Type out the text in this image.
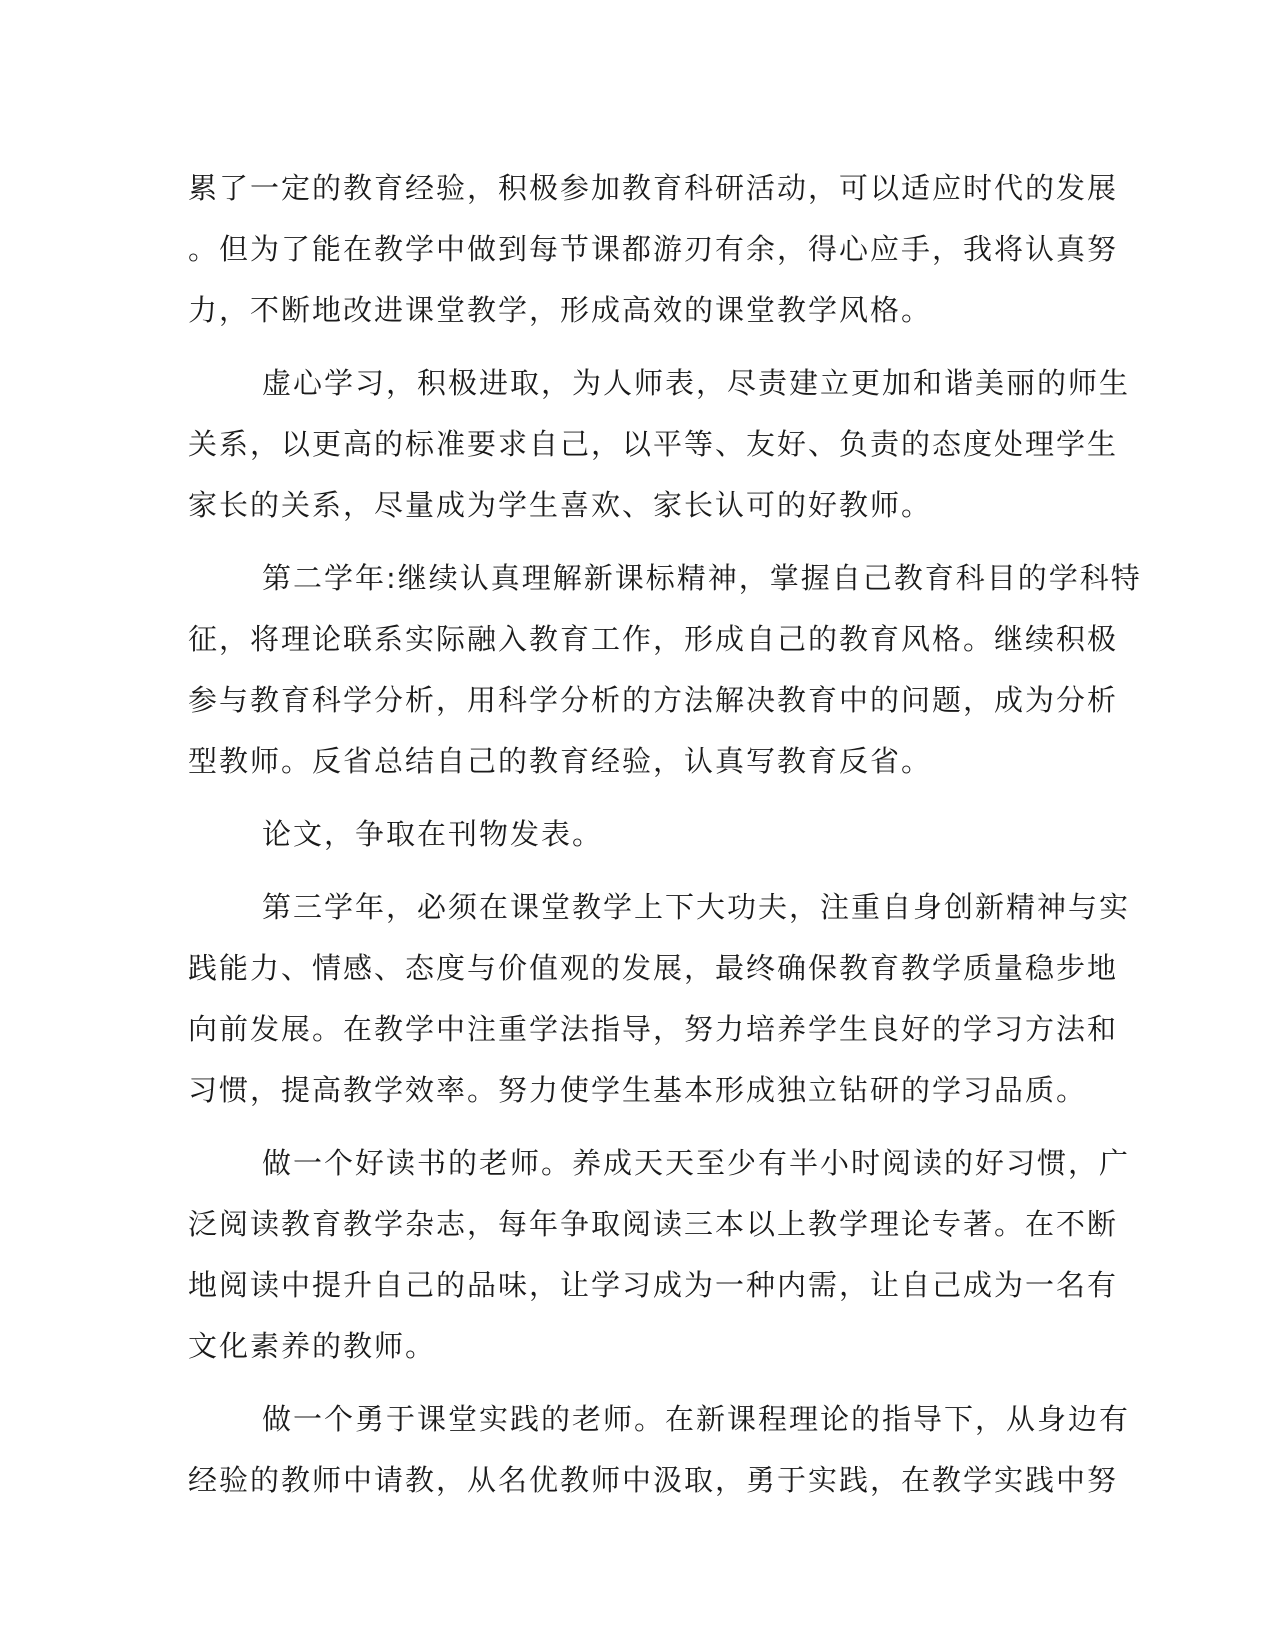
累了一定的教育经验，积极参加教育科研活动，可以适应时代的发展
。但为了能在教学中做到每节课都游刃有余，得心应手，我将认真努
力，不断地改进课堂教学，形成高效的课堂教学风格。

虚心学习，积极进取，为人师表，尽责建立更加和谐美丽的师生
关系，以更高的标准要求自己，以平等、友好、负责的态度处理学生
家长的关系，尽量成为学生喜欢、家长认可的好教师。

第二学年:继续认真理解新课标精神，掌握自己教育科目的学科特
征，将理论联系实际融入教育工作，形成自己的教育风格。继续积极
参与教育科学分析，用科学分析的方法解决教育中的问题，成为分析
型教师。反省总结自己的教育经验，认真写教育反省。

论文，争取在刊物发表。

第三学年，必须在课堂教学上下大功夫，注重自身创新精神与实
践能力、情感、态度与价值观的发展，最终确保教育教学质量稳步地
向前发展。在教学中注重学法指导，努力培养学生良好的学习方法和
习惯，提高教学效率。努力使学生基本形成独立钻研的学习品质。

做一个好读书的老师。养成天天至少有半小时阅读的好习惯，广
泛阅读教育教学杂志，每年争取阅读三本以上教学理论专著。在不断
地阅读中提升自己的品味，让学习成为一种内需，让自己成为一名有
文化素养的教师。

做一个勇于课堂实践的老师。在新课程理论的指导下，从身边有
经验的教师中请教，从名优教师中汲取，勇于实践，在教学实践中努
